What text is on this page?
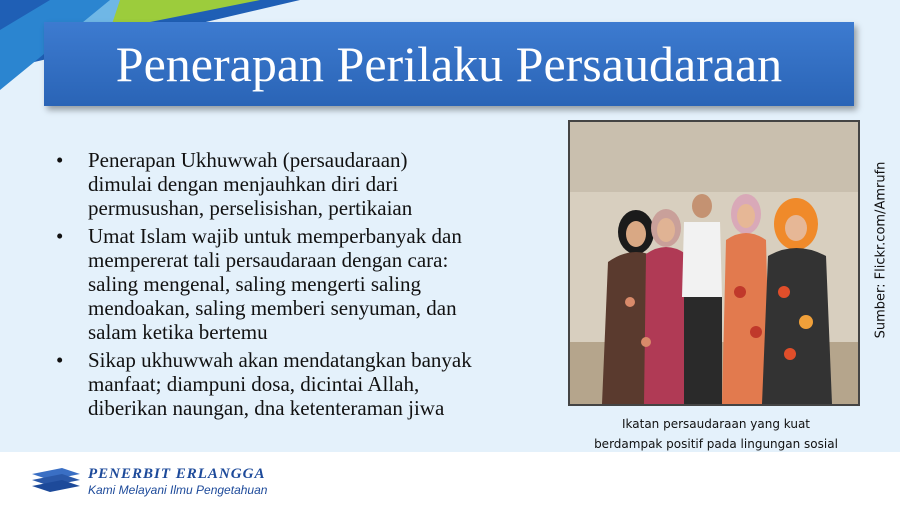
Penerapan Perilaku Persaudaraan
• Penerapan Ukhuwwah (persaudaraan)
dimulai dengan menjauhkan diri dari
permusushan, perselisishan, pertikaian
• Umat Islam wajib untuk memperbanyak dan
mempererat tali persaudaraan dengan cara:
saling mengenal, saling mengerti saling
mendoakan, saling memberi senyuman, dan
salam ketika bertemu
• Sikap ukhuwwah akan mendatangkan banyak
manfaat; diampuni dosa, dicintai Allah,
diberikan naungan, dna ketenteraman jiwa
Sumber: Flickr.com/Amrufn
Ikatan persaudaraan yang kuat
berdampak positif pada lingungan sosial
PENERBIT ERLANGGA
Kami Melayani Ilmu Pengetahuan
